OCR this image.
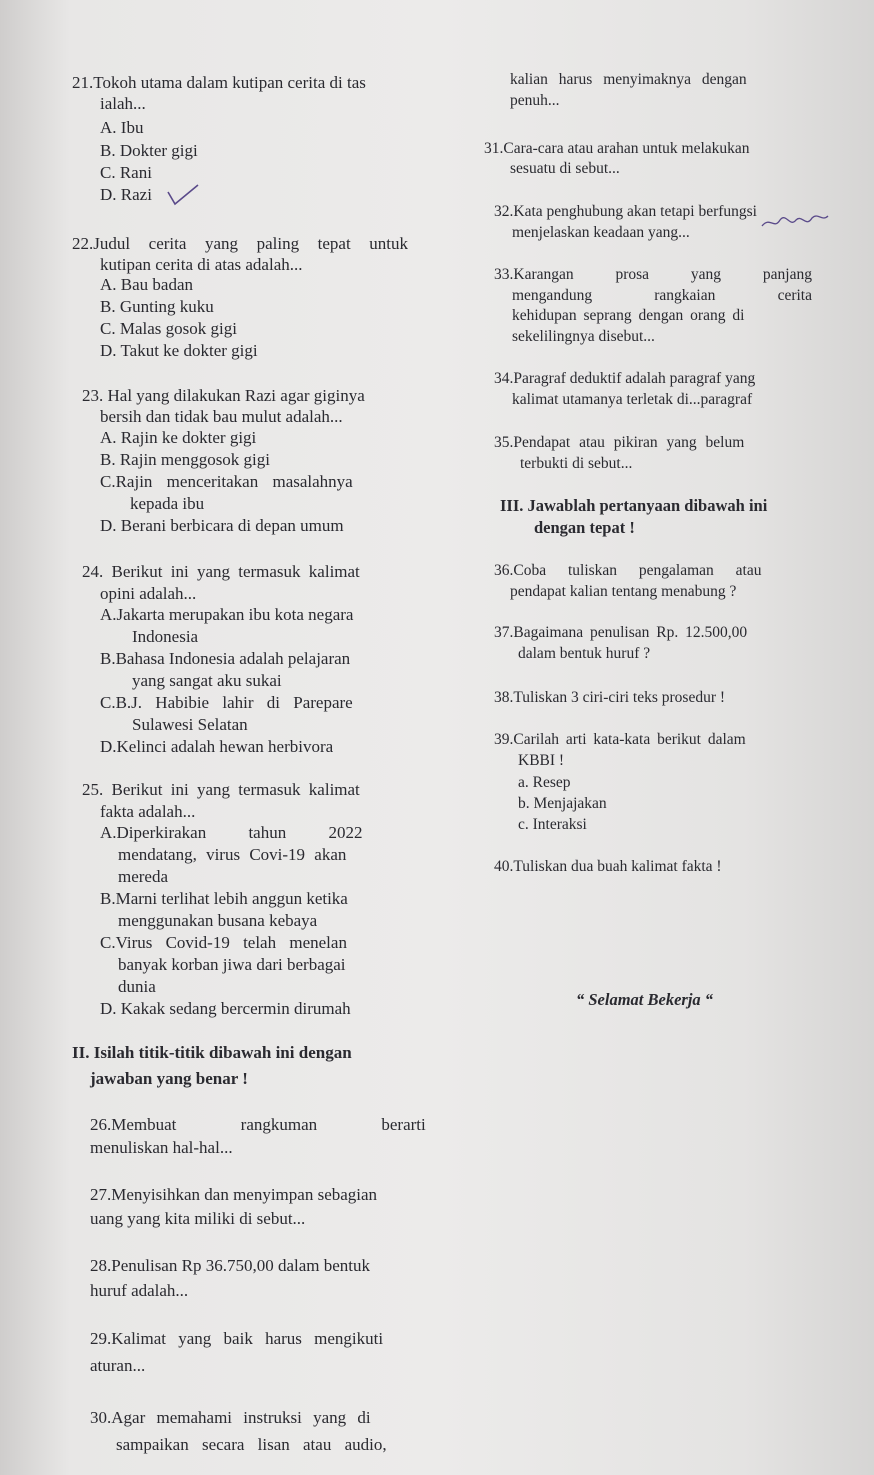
21.Tokoh utama dalam kutipan cerita di tas
ialah...
A. Ibu
B. Dokter gigi
C. Rani
D. Razi
22.Judul cerita yang paling tepat untuk
kutipan cerita di atas adalah...
A. Bau badan
B. Gunting kuku
C. Malas gosok gigi
D. Takut ke dokter gigi
23. Hal yang dilakukan Razi agar giginya
bersih dan tidak bau mulut adalah...
A. Rajin ke dokter gigi
B. Rajin menggosok gigi
C.Rajin menceritakan masalahnya
kepada ibu
D. Berani berbicara di depan umum
24. Berikut ini yang termasuk kalimat
opini adalah...
A.Jakarta merupakan ibu kota negara
Indonesia
B.Bahasa Indonesia adalah pelajaran
yang sangat aku sukai
C.B.J. Habibie lahir di Parepare
Sulawesi Selatan
D.Kelinci adalah hewan herbivora
25. Berikut ini yang termasuk kalimat
fakta adalah...
A.Diperkirakan tahun 2022
mendatang, virus Covi-19 akan
mereda
B.Marni terlihat lebih anggun ketika
menggunakan busana kebaya
C.Virus Covid-19 telah menelan
banyak korban jiwa dari berbagai
dunia
D. Kakak sedang bercermin dirumah
II. Isilah titik-titik dibawah ini dengan
jawaban yang benar !
26.Membuat rangkuman berarti
menuliskan hal-hal...
27.Menyisihkan dan menyimpan sebagian
uang yang kita miliki di sebut...
28.Penulisan Rp 36.750,00 dalam bentuk
huruf adalah...
29.Kalimat yang baik harus mengikuti
aturan...
30.Agar memahami instruksi yang di
sampaikan secara lisan atau audio,
kalian harus menyimaknya dengan
penuh...
31.Cara-cara atau arahan untuk melakukan
sesuatu di sebut...
32.Kata penghubung akan tetapi berfungsi
menjelaskan keadaan yang...
33.Karangan	prosa	yang	panjang
mengandung	rangkaian	cerita
kehidupan seprang dengan orang di
sekelilingnya disebut...
34.Paragraf deduktif adalah paragraf yang
kalimat utamanya terletak di...paragraf
35.Pendapat atau pikiran yang belum
terbukti di sebut...
III. Jawablah pertanyaan dibawah ini
dengan tepat !
36.Coba tuliskan pengalaman atau
pendapat kalian tentang menabung ?
37.Bagaimana penulisan Rp. 12.500,00
dalam bentuk huruf ?
38.Tuliskan 3 ciri-ciri teks prosedur !
39.Carilah arti kata-kata berikut dalam
KBBI !
a. Resep
b. Menjajakan
c. Interaksi
40.Tuliskan dua buah kalimat fakta !
“ Selamat Bekerja “
